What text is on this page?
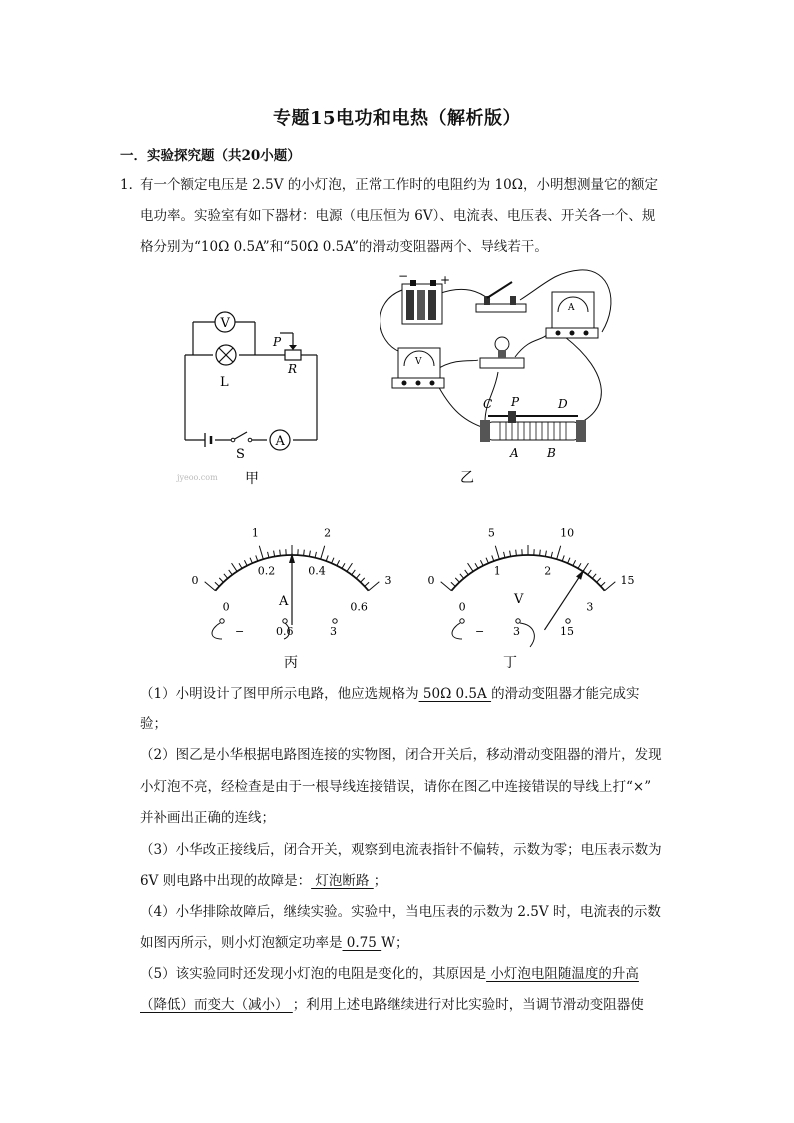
专题15电功和电热（解析版）
一．实验探究题（共20小题）
1．
有一个额定电压是 2.5V 的小灯泡，正常工作时的电阻约为 10Ω，小明想测量它的额定
电功率。实验室有如下器材：电源（电压恒为 6V）、电流表、电压表、开关各一个、规
格分别为“10Ω 0.5A”和“50Ω 0.5A”的滑动变阻器两个、导线若干。
A
V
P
R
L
S
jyeoo.com 甲
−	+
A
V
C P	D
A B
乙
0
1	2
3
0
0.2	0.4
0.6
A
−	0.6	3
丙
0
5	10
15
0
1	2
3
V
−	3	15
丁
（1）小明设计了图甲所示电路，他应选规格为 50Ω 0.5A 的滑动变阻器才能完成实
验；
（2）图乙是小华根据电路图连接的实物图，闭合开关后，移动滑动变阻器的滑片，发现
小灯泡不亮，经检查是由于一根导线连接错误，请你在图乙中连接错误的导线上打“×”
并补画出正确的连线；
（3）小华改正接线后，闭合开关，观察到电流表指针不偏转，示数为零；电压表示数为
6V 则电路中出现的故障是： 灯泡断路 ；
（4）小华排除故障后，继续实验。实验中，当电压表的示数为 2.5V 时，电流表的示数
如图丙所示，则小灯泡额定功率是 0.75 W；
（5）该实验同时还发现小灯泡的电阻是变化的，其原因是 小灯泡电阻随温度的升高
（降低）而变大（减小） ；利用上述电路继续进行对比实验时，当调节滑动变阻器使
